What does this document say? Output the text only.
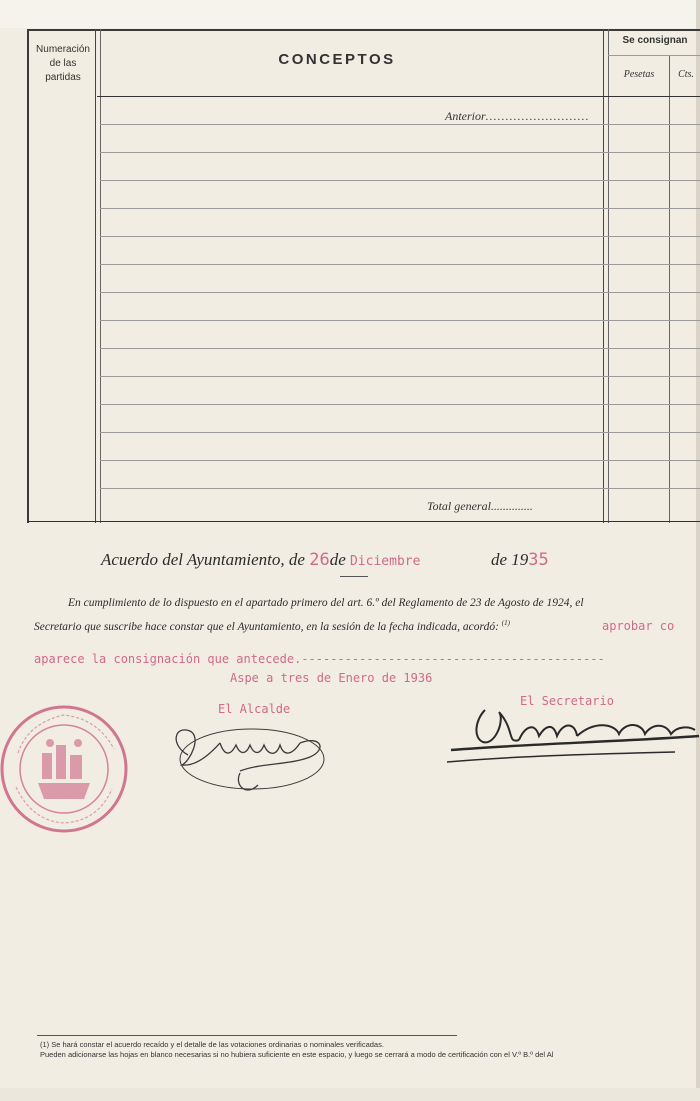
Numeración
de las
partidas
CONCEPTOS
Se consignan
Pesetas	Cts.
Anterior..........................
Total general..............
Acuerdo del Ayuntamiento, de 26de Diciembre	de 1935
En cumplimiento de lo dispuesto en el apartado primero del art. 6.º del Reglamento de 23 de Agosto de 1924, el
Secretario que suscribe hace constar que el Ayuntamiento, en la sesión de la fecha indicada, acordó: $^{(1)}$	aprobar co
aparece la consignación que antecede.------------------------------------------
Aspe a tres de Enero de 1936
El Alcalde
El Secretario
(1) Se hará constar el acuerdo recaído y el detalle de las votaciones ordinarias o nominales verificadas.
Pueden adicionarse las hojas en blanco necesarias si no hubiera suficiente en este espacio, y luego se cerrará a modo de certificación con el V.º B.º del Al
